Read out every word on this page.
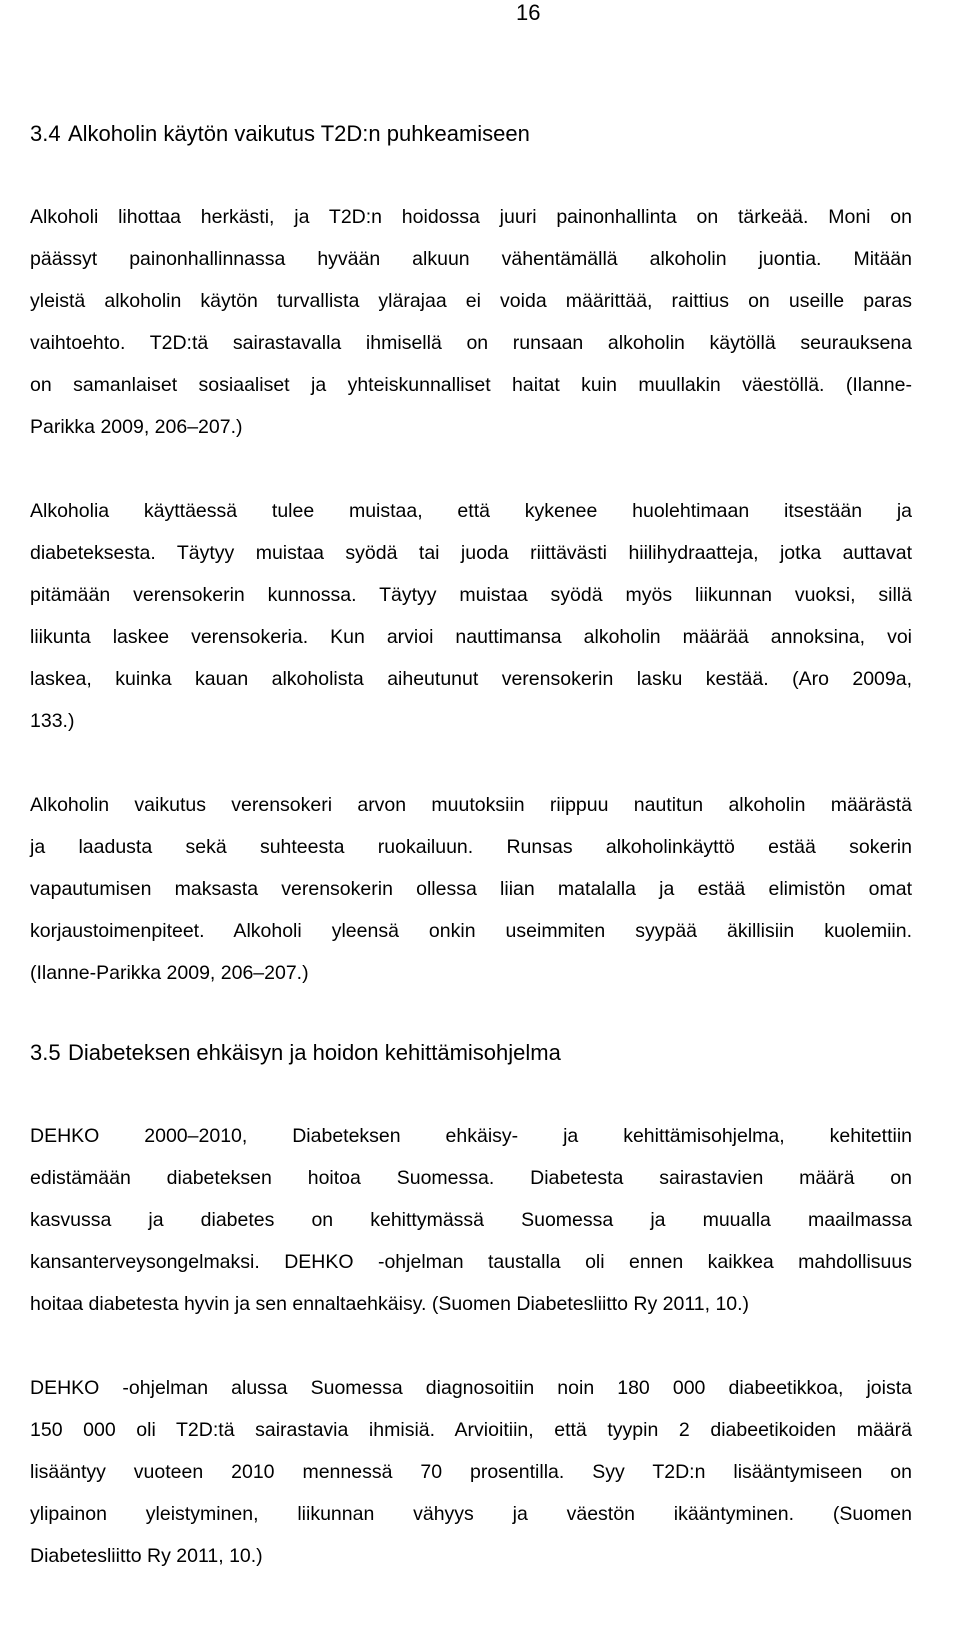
16
3.4 Alkoholin käytön vaikutus T2D:n puhkeamiseen
Alkoholi lihottaa herkästi, ja T2D:n hoidossa juuri painonhallinta on tärkeää. Moni on
päässyt painonhallinnassa hyvään alkuun vähentämällä alkoholin juontia. Mitään
yleistä alkoholin käytön turvallista ylärajaa ei voida määrittää, raittius on useille paras
vaihtoehto. T2D:tä sairastavalla ihmisellä on runsaan alkoholin käytöllä seurauksena
on samanlaiset sosiaaliset ja yhteiskunnalliset haitat kuin muullakin väestöllä. (Ilanne-
Parikka 2009, 206–207.)
Alkoholia käyttäessä tulee muistaa, että kykenee huolehtimaan itsestään ja
diabeteksesta. Täytyy muistaa syödä tai juoda riittävästi hiilihydraatteja, jotka auttavat
pitämään verensokerin kunnossa. Täytyy muistaa syödä myös liikunnan vuoksi, sillä
liikunta laskee verensokeria. Kun arvioi nauttimansa alkoholin määrää annoksina, voi
laskea, kuinka kauan alkoholista aiheutunut verensokerin lasku kestää. (Aro 2009a,
133.)
Alkoholin vaikutus verensokeri arvon muutoksiin riippuu nautitun alkoholin määrästä
ja laadusta sekä suhteesta ruokailuun. Runsas alkoholinkäyttö estää sokerin
vapautumisen maksasta verensokerin ollessa liian matalalla ja estää elimistön omat
korjaustoimenpiteet. Alkoholi yleensä onkin useimmiten syypää äkillisiin kuolemiin.
(Ilanne-Parikka 2009, 206–207.)
3.5 Diabeteksen ehkäisyn ja hoidon kehittämisohjelma
DEHKO 2000–2010, Diabeteksen ehkäisy- ja kehittämisohjelma, kehitettiin
edistämään diabeteksen hoitoa Suomessa. Diabetesta sairastavien määrä on
kasvussa ja diabetes on kehittymässä Suomessa ja muualla maailmassa
kansanterveysongelmaksi. DEHKO -ohjelman taustalla oli ennen kaikkea mahdollisuus
hoitaa diabetesta hyvin ja sen ennaltaehkäisy. (Suomen Diabetesliitto Ry 2011, 10.)
DEHKO -ohjelman alussa Suomessa diagnosoitiin noin 180 000 diabeetikkoa, joista
150 000 oli T2D:tä sairastavia ihmisiä. Arvioitiin, että tyypin 2 diabeetikoiden määrä
lisääntyy vuoteen 2010 mennessä 70 prosentilla. Syy T2D:n lisääntymiseen on
ylipainon yleistyminen, liikunnan vähyys ja väestön ikääntyminen. (Suomen
Diabetesliitto Ry 2011, 10.)
